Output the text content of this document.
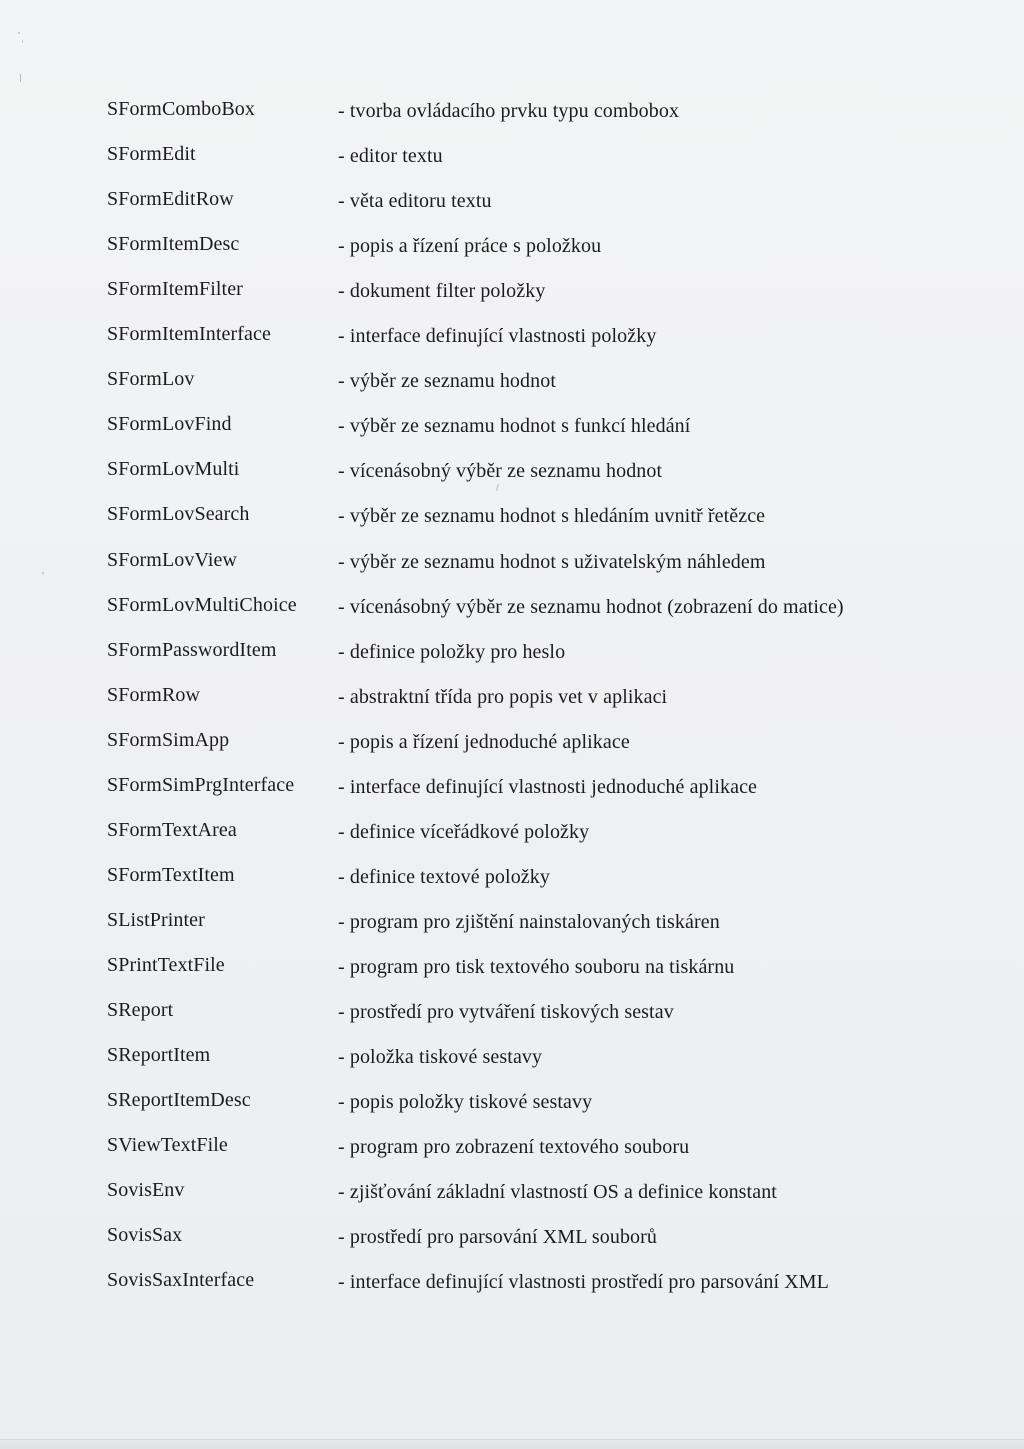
SFormComboBox	- tvorba ovládacího prvku typu combobox
SFormEdit	- editor textu
SFormEditRow	- věta editoru textu
SFormItemDesc	- popis a řízení práce s položkou
SFormItemFilter	- dokument filter položky
SFormItemInterface	- interface definující vlastnosti položky
SFormLov	- výběr ze seznamu hodnot
SFormLovFind	- výběr ze seznamu hodnot s funkcí hledání
SFormLovMulti	- vícenásobný výběr ze seznamu hodnot
SFormLovSearch	- výběr ze seznamu hodnot s hledáním uvnitř řetězce
SFormLovView	- výběr ze seznamu hodnot s uživatelským náhledem
SFormLovMultiChoice - vícenásobný výběr ze seznamu hodnot (zobrazení do matice)
SFormPasswordItem	- definice položky pro heslo
SFormRow	- abstraktní třída pro popis vet v aplikaci
SFormSimApp	- popis a řízení jednoduché aplikace
SFormSimPrgInterface - interface definující vlastnosti jednoduché aplikace
SFormTextArea	- definice víceřádkové položky
SFormTextItem	- definice textové položky
SListPrinter	- program pro zjištění nainstalovaných tiskáren
SPrintTextFile	- program pro tisk textového souboru na tiskárnu
SReport	- prostředí pro vytváření tiskových sestav
SReportItem	- položka tiskové sestavy
SReportItemDesc	- popis položky tiskové sestavy
SViewTextFile	- program pro zobrazení textového souboru
SovisEnv	- zjišťování základní vlastností OS a definice konstant
SovisSax	- prostředí pro parsování XML souborů
SovisSaxInterface	- interface definující vlastnosti prostředí pro parsování XML
